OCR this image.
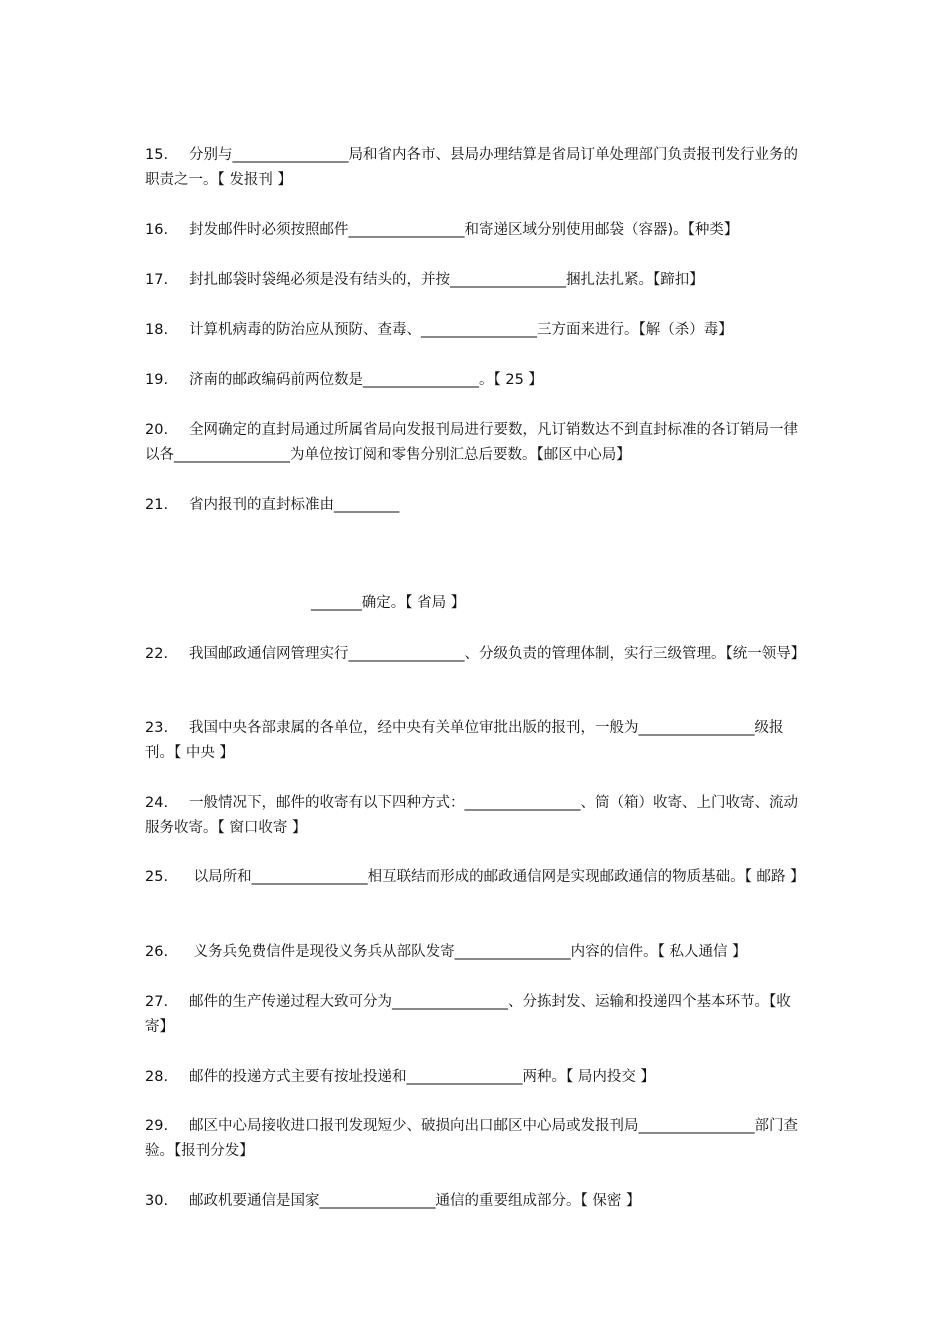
15. 分别与________________局和省内各市、县局办理结算是省局订单处理部门负责报刊发行业务的职责之一。【 发报刊 】
16. 封发邮件时必须按照邮件________________和寄递区域分别使用邮袋（容器)。【种类】
17. 封扎邮袋时袋绳必须是没有结头的，并按________________捆扎法扎紧。【蹄扣】
18. 计算机病毒的防治应从预防、查毒、________________三方面来进行。【解（杀）毒】
19. 济南的邮政编码前两位数是________________。【 25 】
20. 全网确定的直封局通过所属省局向发报刊局进行要数，凡订销数达不到直封标准的各订销局一律以各________________为单位按订阅和零售分别汇总后要数。【邮区中心局】
21. 省内报刊的直封标准由_________
_______确定。【 省局 】
22. 我国邮政通信网管理实行________________、分级负责的管理体制，实行三级管理。【统一领导】
23. 我国中央各部隶属的各单位，经中央有关单位审批出版的报刊，一般为________________级报刊。【 中央 】
24. 一般情况下，邮件的收寄有以下四种方式：________________、筒（箱）收寄、上门收寄、流动服务收寄。【 窗口收寄 】
25. 以局所和________________相互联结而形成的邮政通信网是实现邮政通信的物质基础。【 邮路 】
26. 义务兵免费信件是现役义务兵从部队发寄________________内容的信件。【 私人通信 】
27. 邮件的生产传递过程大致可分为________________、分拣封发、运输和投递四个基本环节。【收寄】
28. 邮件的投递方式主要有按址投递和________________两种。【 局内投交 】
29. 邮区中心局接收进口报刊发现短少、破损向出口邮区中心局或发报刊局________________部门查验。【报刊分发】
30. 邮政机要通信是国家________________通信的重要组成部分。【 保密 】
